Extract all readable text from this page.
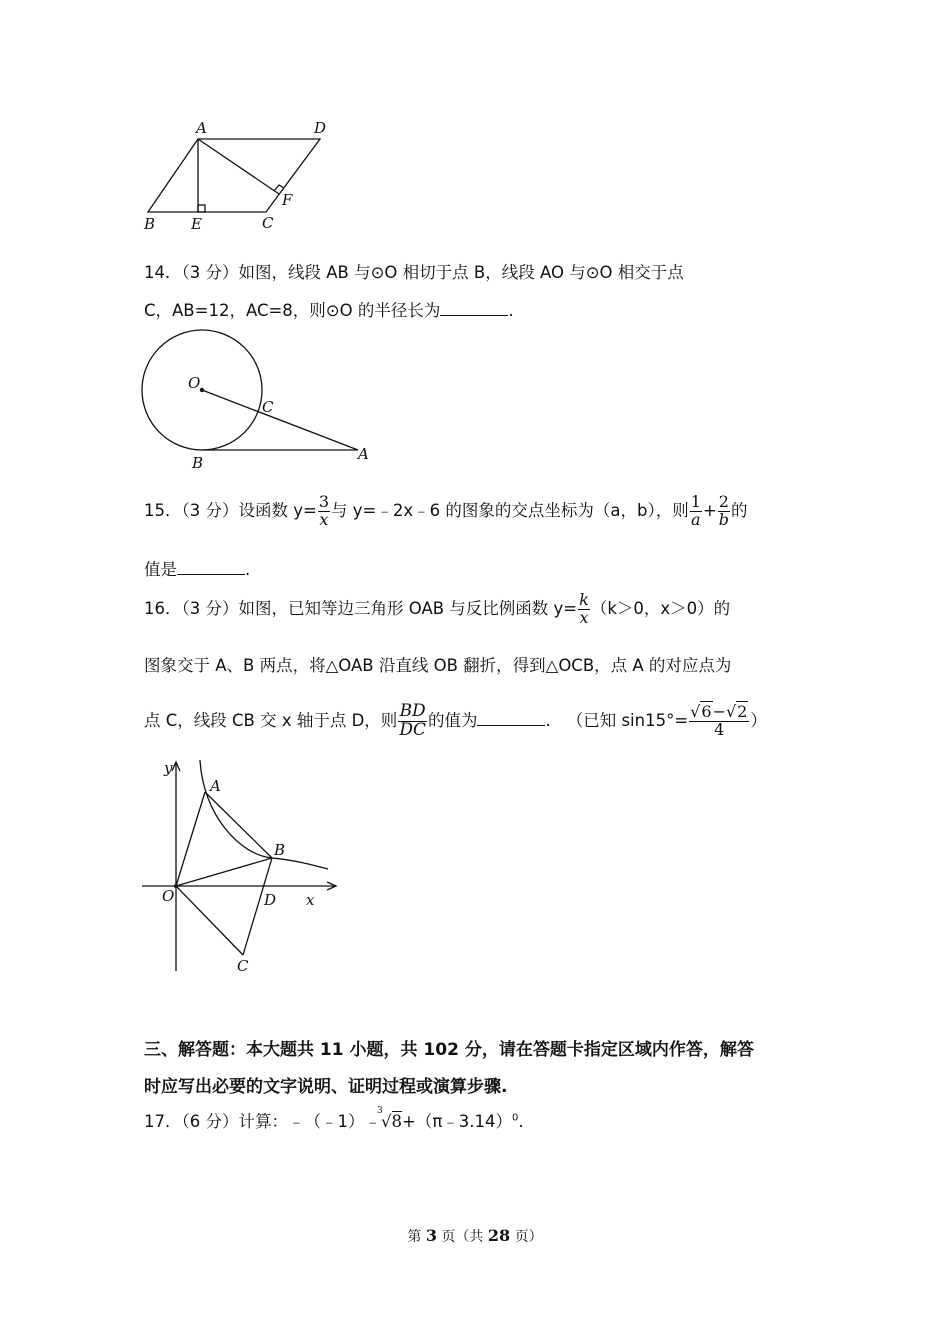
A	D
B E	C
F
14．（3 分）如图，线段 AB 与⊙O 相切于点 B，线段 AO 与⊙O 相交于点
C，AB=12，AC=8，则⊙O 的半径长为	.
O
C
B	A
15．（3 分）设函数 $y= \frac{3}{x}$ 与 y=﹣2x﹣6 的图象的交点坐标为（a，b），则 $\frac{1}{a} + \frac{2}{b}$ 的
值是	.
16．（3 分）如图，已知等边三角形 OAB 与反比例函数 $y= \frac{k}{x} (k>0$，x＞0）的
图象交于 A、B 两点，将△OAB 沿直线 OB 翻折，得到△OCB，点 A 的对应点为
点 C，线段 CB 交 x 轴于点 D，则 $\frac{BD}{DC}$ 的值为	. （已知 $\sin 15^\circ= \frac{√6-√2}{4}$ ）
y
A
B
O	D x
C
三、解答题：本大题共 11 小题，共 102 分，请在答题卡指定区域内作答，解答
时应写出必要的文字说明、证明过程或演算步骤.
17．（6 分）计算：﹣（﹣1）﹣
3
√8+（π﹣3.14）$^0$.
第 3 页（共 28 页）
